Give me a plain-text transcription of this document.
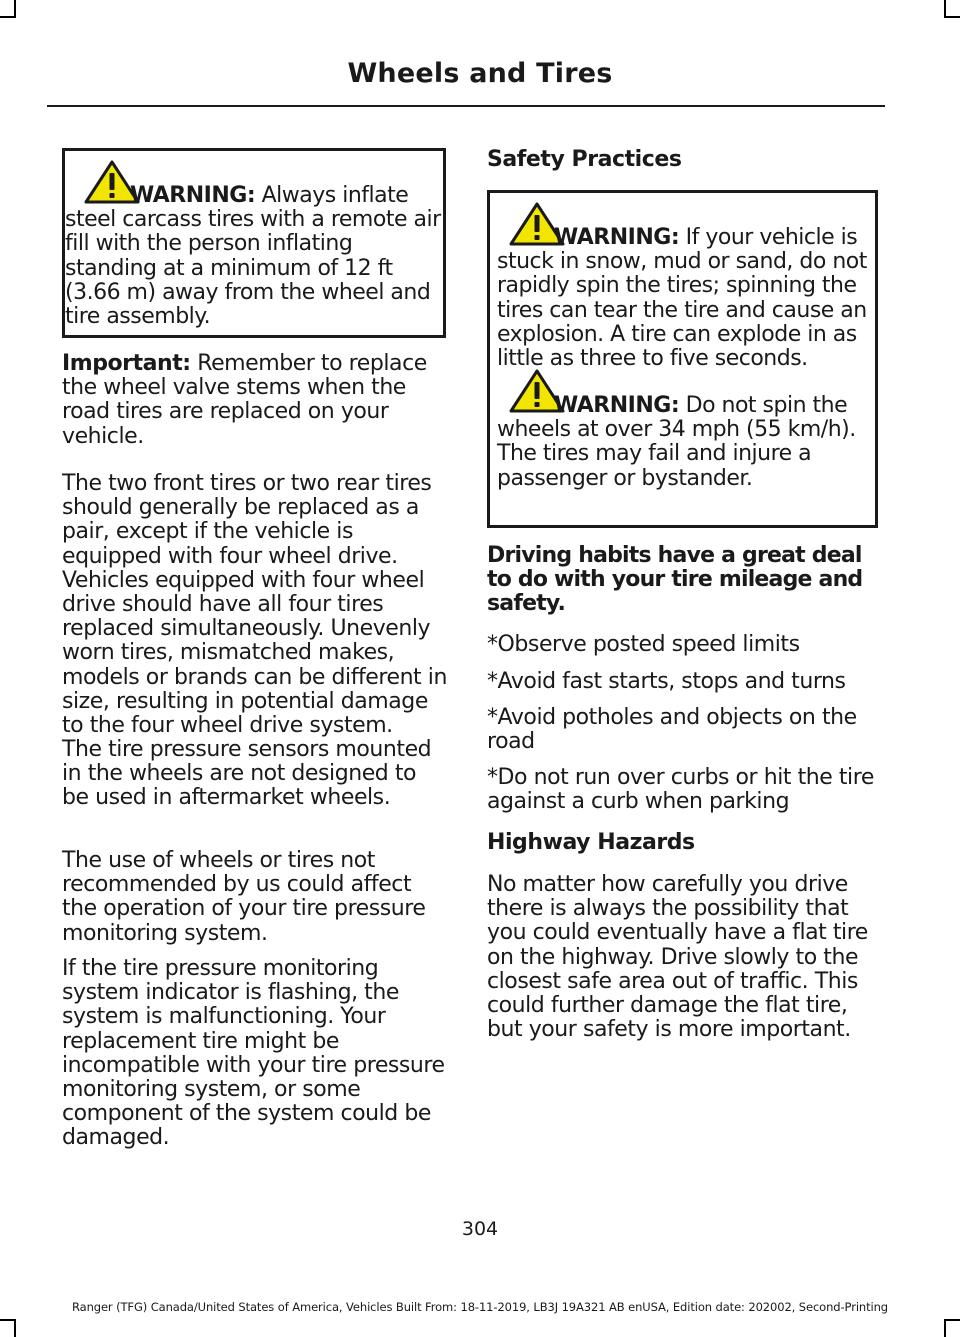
Wheels and Tires

WARNING: Always inflate steel carcass tires with a remote air fill with the person inflating standing at a minimum of 12 ft (3.66 m) away from the wheel and tire assembly.

Important: Remember to replace the wheel valve stems when the road tires are replaced on your vehicle.

The two front tires or two rear tires should generally be replaced as a pair, except if the vehicle is equipped with four wheel drive. Vehicles equipped with four wheel drive should have all four tires replaced simultaneously. Unevenly worn tires, mismatched makes, models or brands can be different in size, resulting in potential damage to the four wheel drive system.

The tire pressure sensors mounted in the wheels are not designed to be used in aftermarket wheels.

The use of wheels or tires not recommended by us could affect the operation of your tire pressure monitoring system.

If the tire pressure monitoring system indicator is flashing, the system is malfunctioning. Your replacement tire might be incompatible with your tire pressure monitoring system, or some component of the system could be damaged.

Safety Practices

WARNING: If your vehicle is stuck in snow, mud or sand, do not rapidly spin the tires; spinning the tires can tear the tire and cause an explosion. A tire can explode in as little as three to five seconds.

WARNING: Do not spin the wheels at over 34 mph (55 km/h). The tires may fail and injure a passenger or bystander.

Driving habits have a great deal to do with your tire mileage and safety.

*Observe posted speed limits

*Avoid fast starts, stops and turns

*Avoid potholes and objects on the road

*Do not run over curbs or hit the tire against a curb when parking

Highway Hazards

No matter how carefully you drive there is always the possibility that you could eventually have a flat tire on the highway. Drive slowly to the closest safe area out of traffic. This could further damage the flat tire, but your safety is more important.

304
Ranger (TFG) Canada/United States of America, Vehicles Built From: 18-11-2019, LB3J 19A321 AB enUSA, Edition date: 202002, Second-Printing
